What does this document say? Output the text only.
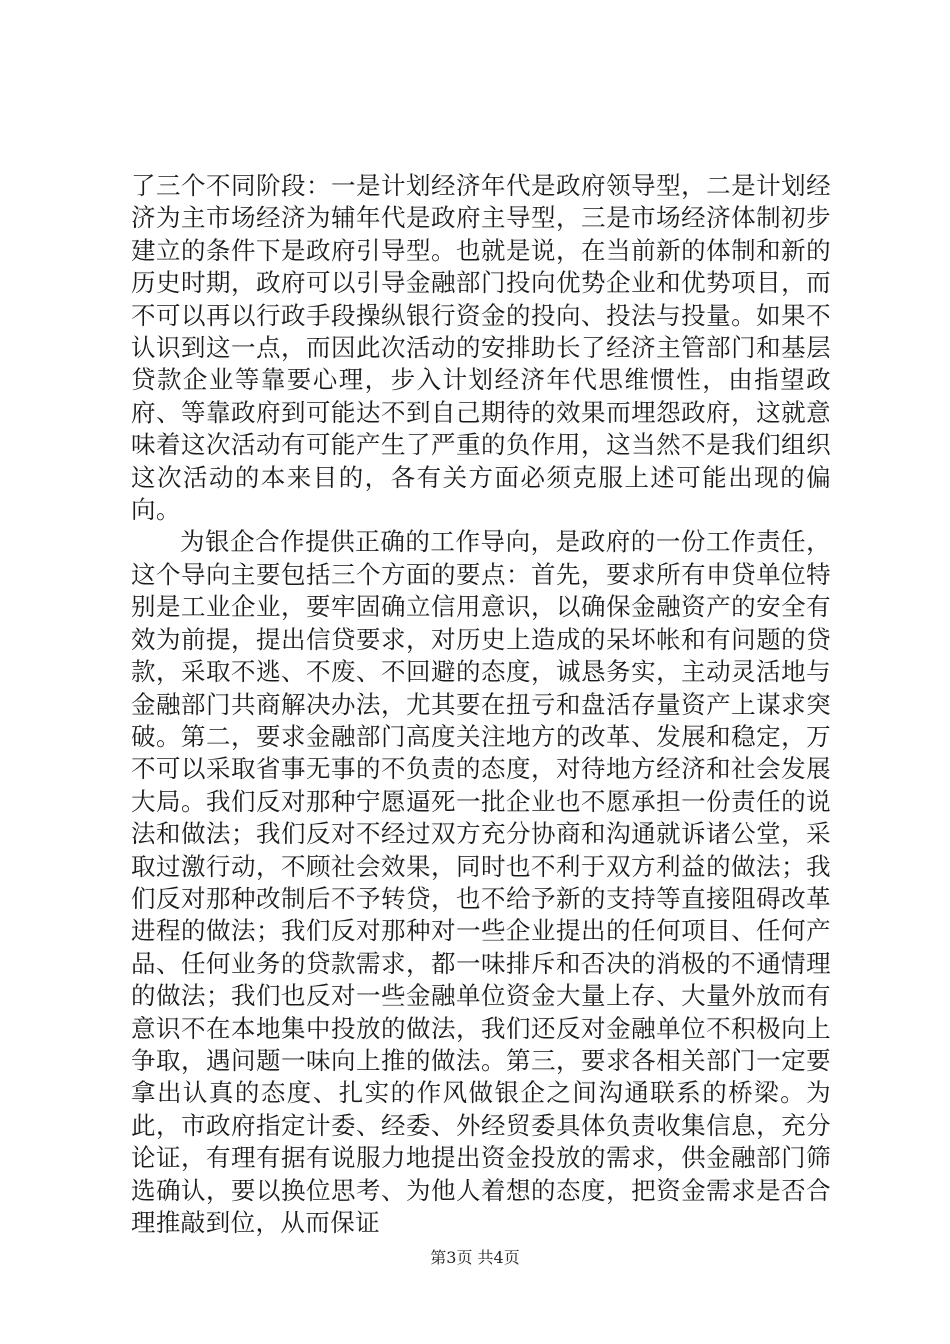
了三个不同阶段：一是计划经济年代是政府领导型，二是计划经济为主市场经济为辅年代是政府主导型，三是市场经济体制初步建立的条件下是政府引导型。也就是说，在当前新的体制和新的历史时期，政府可以引导金融部门投向优势企业和优势项目，而不可以再以行政手段操纵银行资金的投向、投法与投量。如果不认识到这一点，而因此次活动的安排助长了经济主管部门和基层贷款企业等靠要心理，步入计划经济年代思维惯性，由指望政府、等靠政府到可能达不到自己期待的效果而埋怨政府，这就意味着这次活动有可能产生了严重的负作用，这当然不是我们组织这次活动的本来目的，各有关方面必须克服上述可能出现的偏向。

为银企合作提供正确的工作导向，是政府的一份工作责任，这个导向主要包括三个方面的要点：首先，要求所有申贷单位特别是工业企业，要牢固确立信用意识，以确保金融资产的安全有效为前提，提出信贷要求，对历史上造成的呆坏帐和有问题的贷款，采取不逃、不废、不回避的态度，诚恳务实，主动灵活地与金融部门共商解决办法，尤其要在扭亏和盘活存量资产上谋求突破。第二，要求金融部门高度关注地方的改革、发展和稳定，万不可以采取省事无事的不负责的态度，对待地方经济和社会发展大局。我们反对那种宁愿逼死一批企业也不愿承担一份责任的说法和做法；我们反对不经过双方充分协商和沟通就诉诸公堂，采取过激行动，不顾社会效果，同时也不利于双方利益的做法；我们反对那种改制后不予转贷，也不给予新的支持等直接阻碍改革进程的做法；我们反对那种对一些企业提出的任何项目、任何产品、任何业务的贷款需求，都一味排斥和否决的消极的不通情理的做法；我们也反对一些金融单位资金大量上存、大量外放而有意识不在本地集中投放的做法，我们还反对金融单位不积极向上争取，遇问题一味向上推的做法。第三，要求各相关部门一定要拿出认真的态度、扎实的作风做银企之间沟通联系的桥梁。为此，市政府指定计委、经委、外经贸委具体负责收集信息，充分论证，有理有据有说服力地提出资金投放的需求，供金融部门筛选确认，要以换位思考、为他人着想的态度，把资金需求是否合理推敲到位，从而保证

第3页 共4页
